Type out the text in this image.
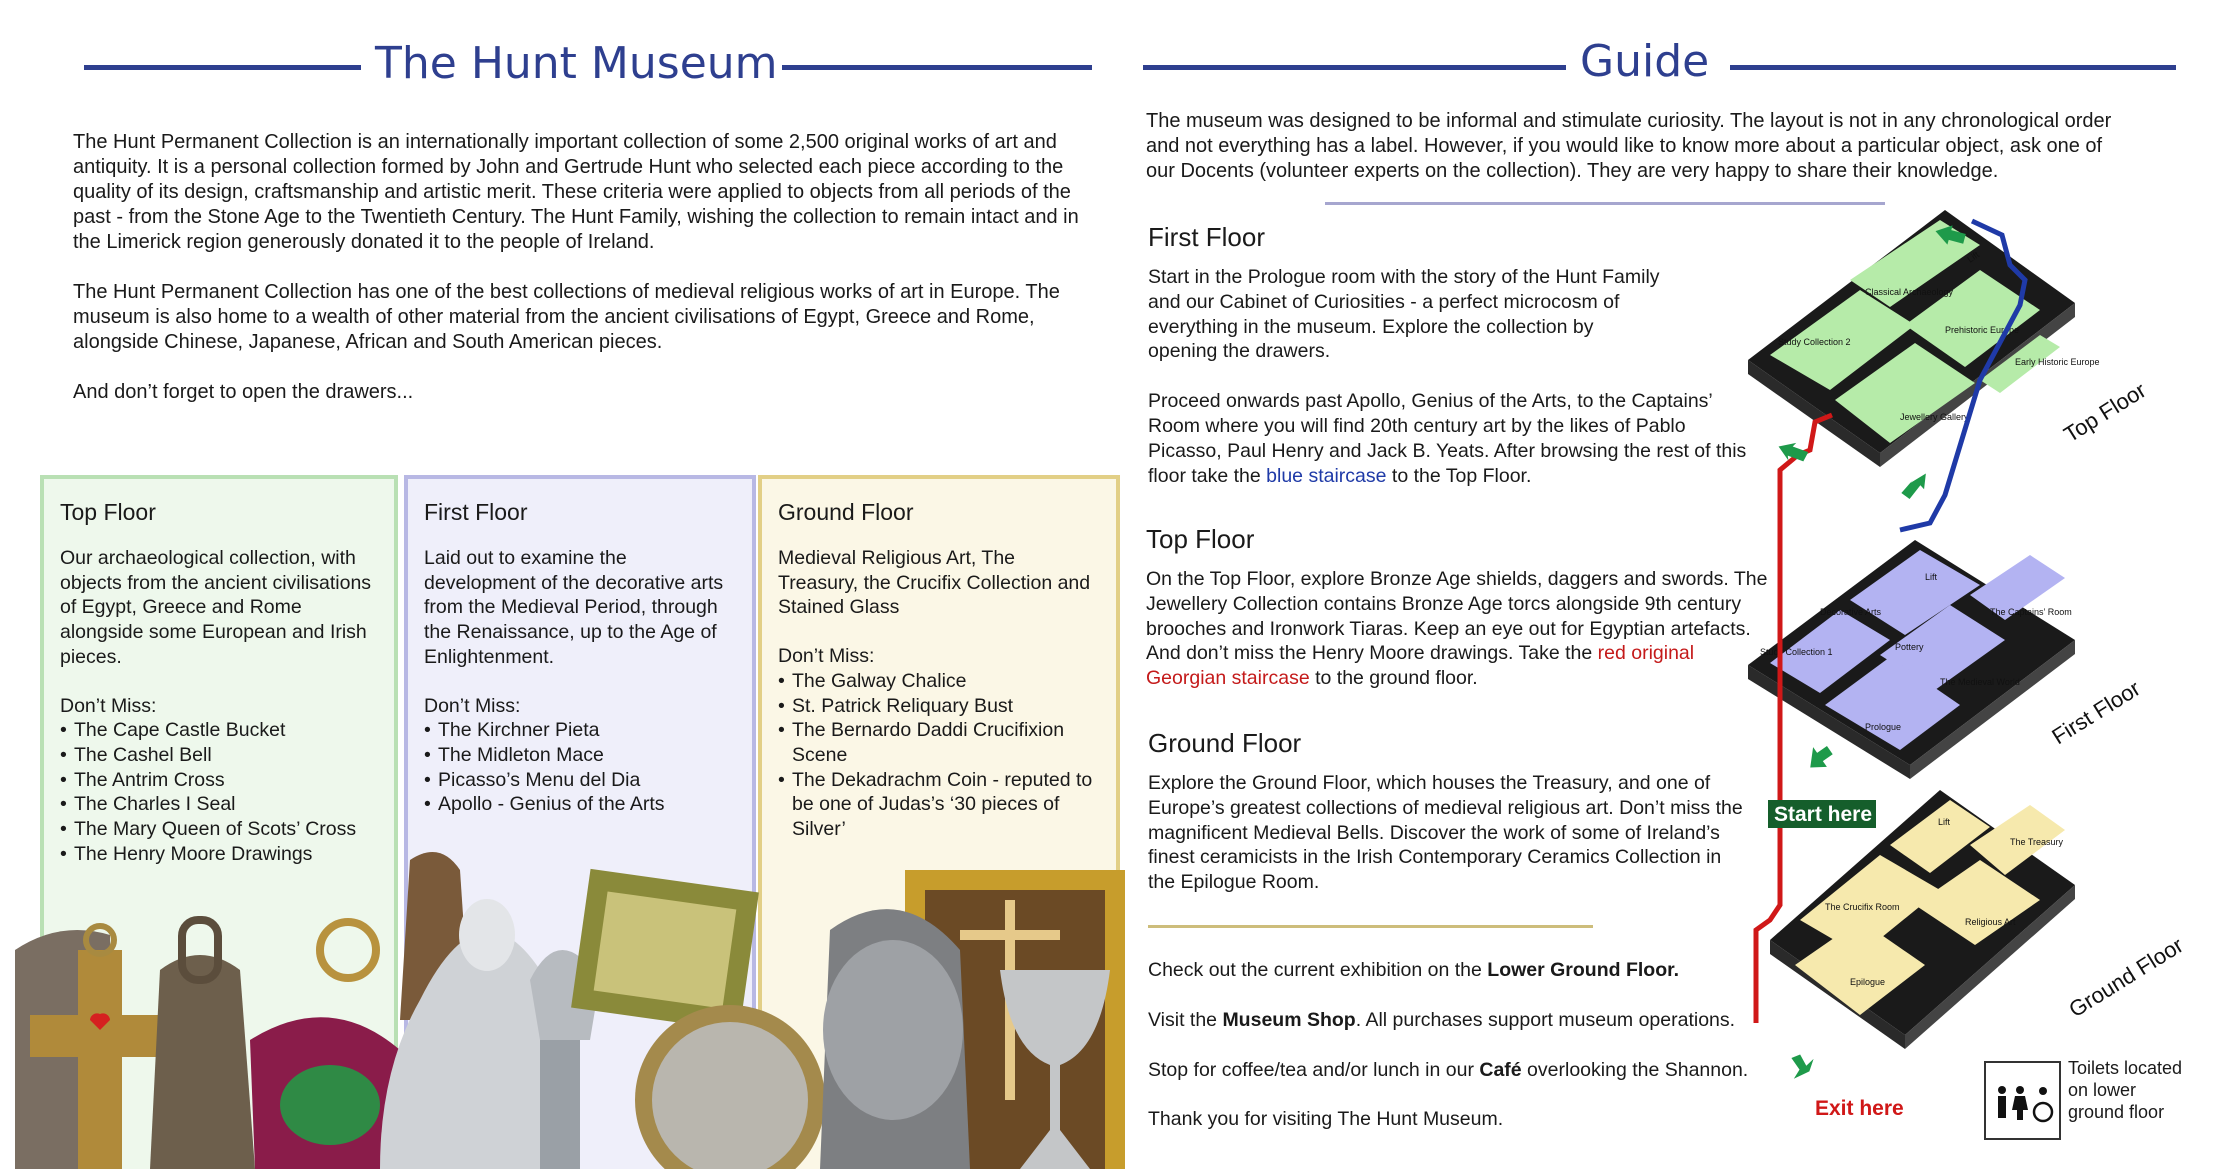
The Hunt Museum

The Hunt Permanent Collection is an internationally important collection of some 2,500 original works of art and antiquity. It is a personal collection formed by John and Gertrude Hunt who selected each piece according to the quality of its design, craftsmanship and artistic merit. These criteria were applied to objects from all periods of the past - from the Stone Age to the Twentieth Century. The Hunt Family, wishing the collection to remain intact and in the Limerick region generously donated it to the people of Ireland.

The Hunt Permanent Collection has one of the best collections of medieval religious works of art in Europe. The museum is also home to a wealth of other material from the ancient civilisations of Egypt, Greece and Rome, alongside Chinese, Japanese, African and South American pieces.

And don’t forget to open the drawers...

Top Floor

Our archaeological collection, with objects from the ancient civilisations of Egypt, Greece and Rome alongside some European and Irish pieces.

Don’t Miss:

• The Cape Castle Bucket
• The Cashel Bell
• The Antrim Cross
• The Charles I Seal
• The Mary Queen of Scots’ Cross
• The Henry Moore Drawings
First Floor

Laid out to examine the development of the decorative arts from the Medieval Period, through the Renaissance, up to the Age of Enlightenment.

Don’t Miss:

• The Kirchner Pieta
• The Midleton Mace
• Picasso’s Menu del Dia
• Apollo - Genius of the Arts
Ground Floor

Medieval Religious Art, The Treasury, the Crucifix Collection and Stained Glass

Don’t Miss:

• The Galway Chalice
• St. Patrick Reliquary Bust
• The Bernardo Daddi Crucifixion Scene
• The Dekadrachm Coin - reputed to be one of Judas’s ‘30 pieces of Silver’
Guide

The museum was designed to be informal and stimulate curiosity. The layout is not in any chronological order and not everything has a label. However, if you would like to know more about a particular object, ask one of our Docents (volunteer experts on the collection). They are very happy to share their knowledge.

First Floor

Start in the Prologue room with the story of the Hunt Family and our Cabinet of Curiosities - a perfect microcosm of everything in the museum. Explore the collection by opening the drawers.

Proceed onwards past Apollo, Genius of the Arts, to the Captains’ Room where you will find 20th century art by the likes of Pablo Picasso, Paul Henry and Jack B. Yeats. After browsing the rest of this floor take the blue staircase to the Top Floor.

Top Floor

On the Top Floor, explore Bronze Age shields, daggers and swords. The Jewellery Collection contains Bronze Age torcs alongside 9th century brooches and Ironwork Tiaras. Keep an eye out for Egyptian artefacts. And don’t miss the Henry Moore drawings. Take the red original Georgian staircase to the ground floor.

Ground Floor

Explore the Ground Floor, which houses the Treasury, and one of Europe’s greatest collections of medieval religious art. Don’t miss the magnificent Medieval Bells. Discover the work of some of Ireland’s finest ceramicists in the Irish Contemporary Ceramics Collection in the Epilogue Room.

Check out the current exhibition on the Lower Ground Floor.

Visit the Museum Shop. All purchases support museum operations.

Stop for coffee/tea and/or lunch in our Café overlooking the Shannon.

Thank you for visiting The Hunt Museum.

Lift
Classical Archaeology
Prehistoric Europe
Study Collection 2
Early Historic Europe
Jewellery Gallery	Top Floor
Lift
Decorative Arts	The Captains’ Room
Pottery
Study Collection 1
The Medieval World
Prologue	First Floor
Lift
The Crucifix Room
The Treasury
Religious Art
Epilogue	Ground Floor
Start here
Exit here
Toilets located on lower ground floor
